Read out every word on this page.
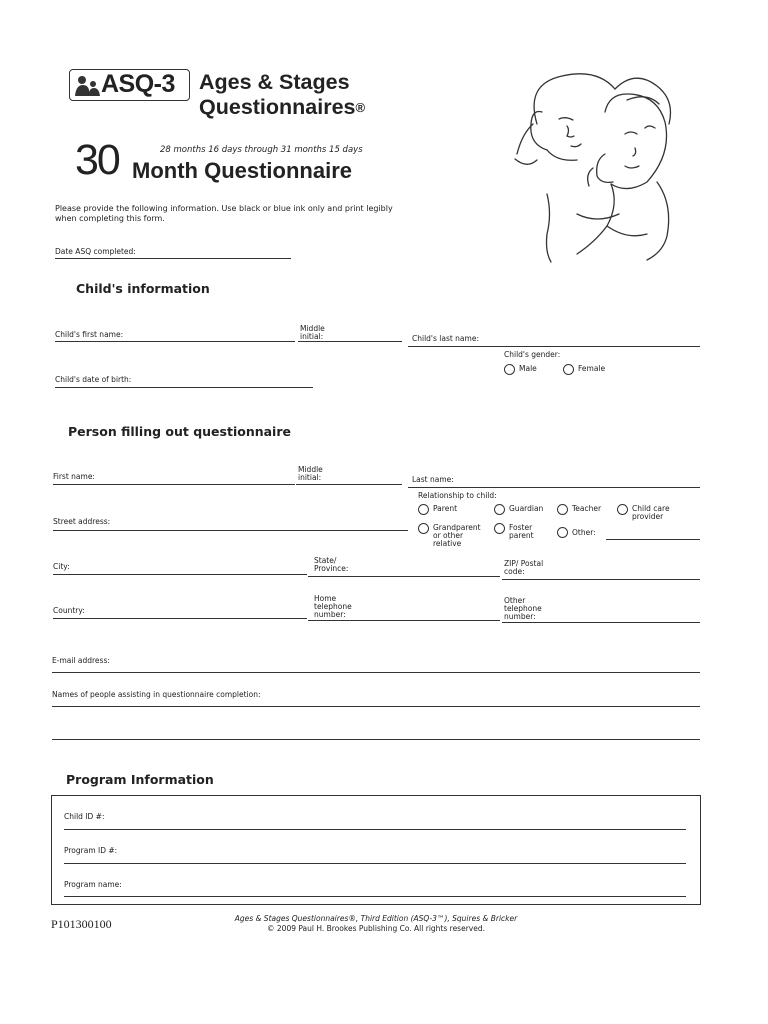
ASQ-3 Ages & Stages
Questionnaires®
30	28 months 16 days through 31 months 15 days
Month Questionnaire
Please provide the following information. Use black or blue ink only and print legibly when completing this form.
Date ASQ completed:
Child's information
Child's first name:
Middle initial:	Child's last name:
Child's gender:
Male	Female
Child's date of birth:
Person filling out questionnaire
First name:
Middle initial:	Last name:
Relationship to child:
Parent	Guardian	Teacher	Child care provider
Grandparent or other relative
Foster parent	Other:
Street address:
City:
State/ Province:
ZIP/ Postal code:
Country:
Home telephone number:
Other telephone number:
E-mail address:
Names of people assisting in questionnaire completion:
Program Information
Child ID #:
Program ID #:
Program name:
P101300100	Ages & Stages Questionnaires®, Third Edition (ASQ-3™), Squires & Bricker
© 2009 Paul H. Brookes Publishing Co. All rights reserved.
